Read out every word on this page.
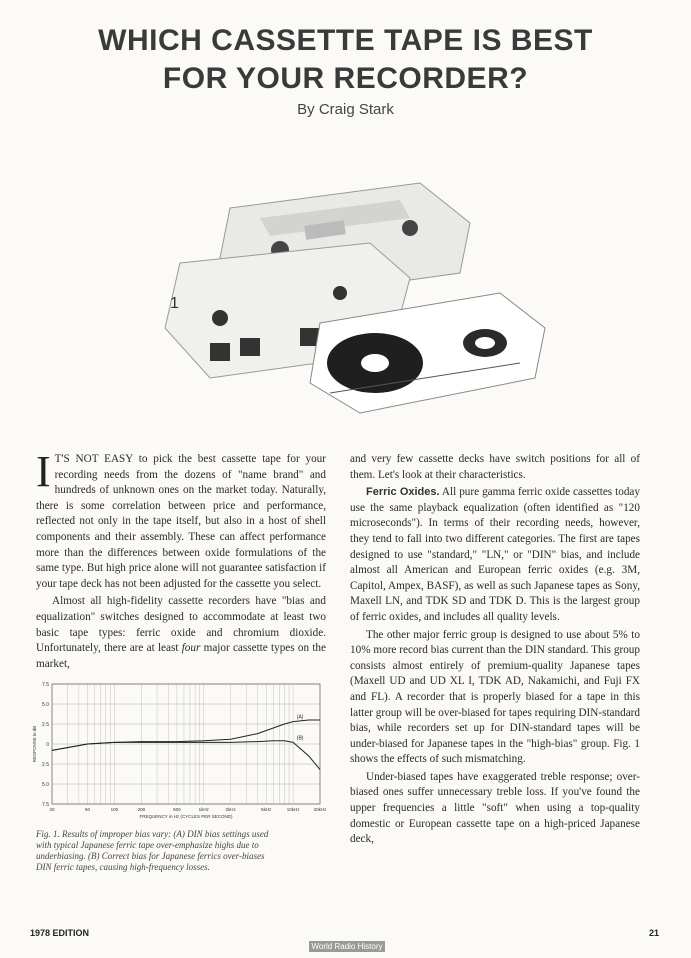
WHICH CASSETTE TAPE IS BEST
FOR YOUR RECORDER?
By Craig Stark
1

I T'S NOT EASY to pick the best cassette tape for your recording needs from the dozens of "name brand" and hundreds of unknown ones on the market today. Naturally, there is some correlation between price and performance, reflected not only in the tape itself, but also in a host of shell components and their assembly. These can affect performance more than the differences between oxide formulations of the same type. But high price alone will not guarantee satisfaction if your tape deck has not been adjusted for the cassette you select.

Almost all high-fidelity cassette recorders have "bias and equalization" switches designed to accommodate at least two basic tape types: ferric oxide and chromium dioxide. Unfortunately, there are at least four major cassette types on the market,

and very few cassette decks have switch positions for all of them. Let's look at their characteristics.

Ferric Oxides. All pure gamma ferric oxide cassettes today use the same playback equalization (often identified as "120 microseconds"). In terms of their recording needs, however, they tend to fall into two different categories. The first are tapes designed to use "standard," "LN," or "DIN" bias, and include almost all American and European ferric oxides (e.g. 3M, Capitol, Ampex, BASF), as well as such Japanese tapes as Sony, Maxell LN, and TDK SD and TDK D. This is the largest group of ferric oxides, and includes all quality levels.

The other major ferric group is designed to use about 5% to 10% more record bias current than the DIN standard. This group consists almost entirely of premium-quality Japanese tapes (Maxell UD and UD XL I, TDK AD, Nakamichi, and Fuji FX and FL). A recorder that is properly biased for a tape in this latter group will be over-biased for tapes requiring DIN-standard bias, while recorders set up for DIN-standard tapes will be under-biased for Japanese tapes in the "high-bias" group. Fig. 1 shows the effects of such mismatching.

Under-biased tapes have exaggerated treble response; over-biased ones suffer unnecessary treble loss. If you've found the upper frequencies a little "soft" when using a top-quality domestic or European cassette tape on a high-priced Japanese deck,

7.5
5.0
2.5
0
2.5
5.0
7.5
20	50	100	200	500	1kHz	2kHz	5kHz	10kHz	20kHz
FREQUENCY in Hz (CYCLES PER SECOND)
RESPONSE in dB
(A)
(B)
Fig. 1. Results of improper bias vary: (A) DIN bias settings used with typical Japanese ferric tape over-emphasize highs due to underbiasing. (B) Correct bias for Japanese ferrics over-biases DIN ferric tapes, causing high-frequency losses.
1978 EDITION	21
World Radio History
